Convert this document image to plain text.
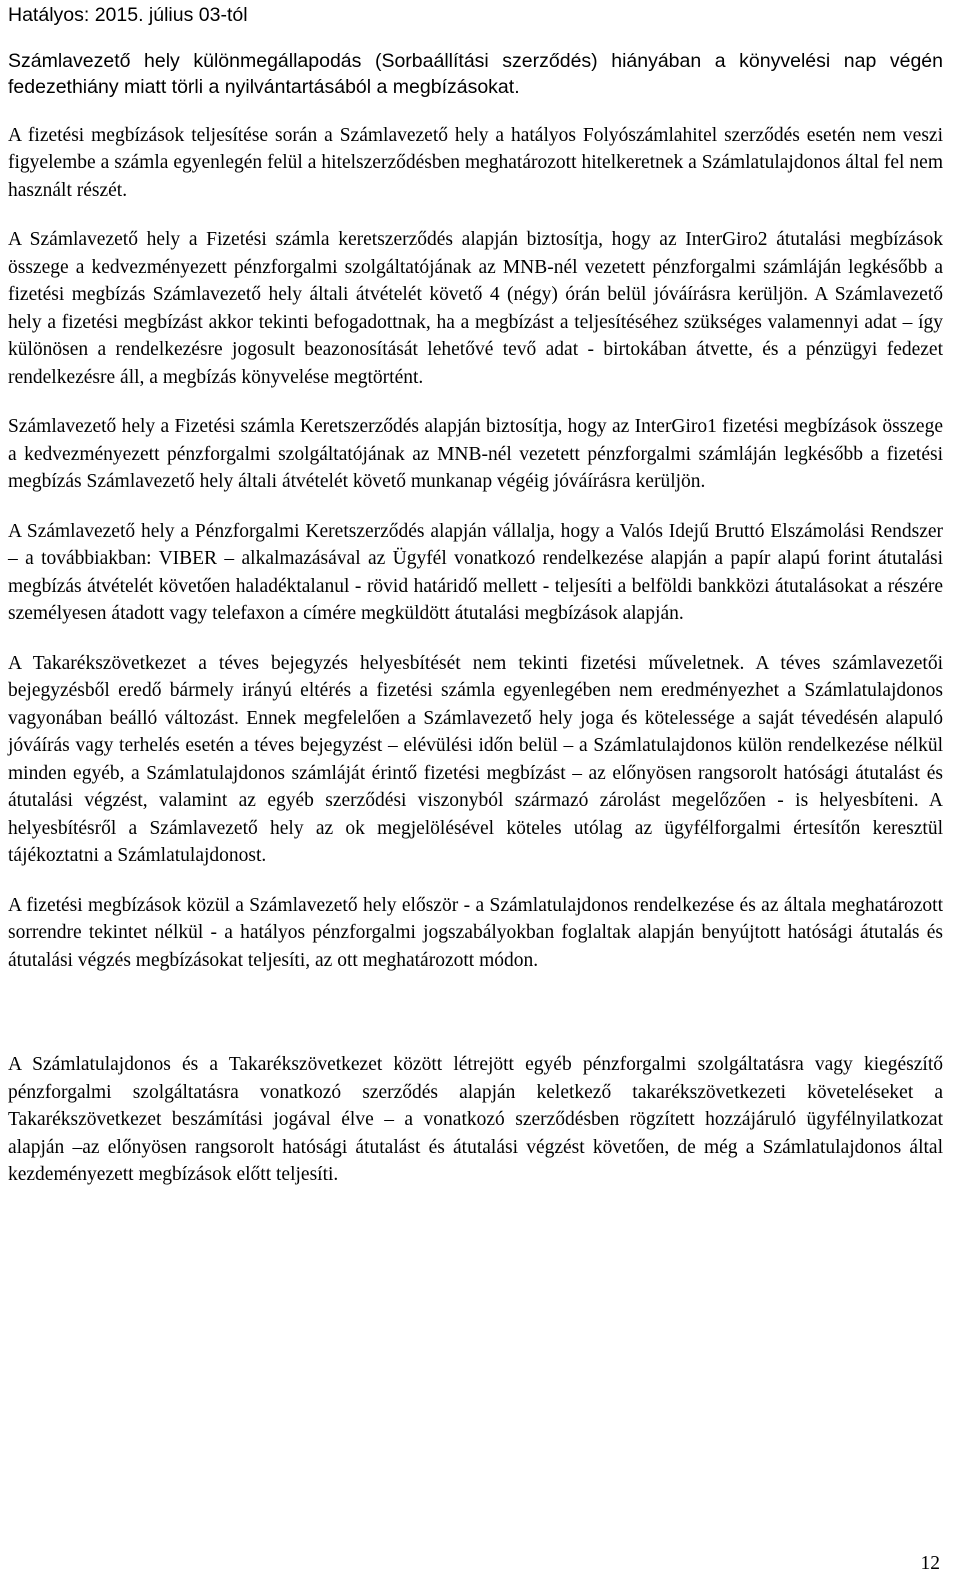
Hatályos: 2015. július 03-tól

Számlavezető hely különmegállapodás (Sorbaállítási szerződés) hiányában a könyvelési nap végén fedezethiány miatt törli a nyilvántartásából a megbízásokat.

A fizetési megbízások teljesítése során a Számlavezető hely a hatályos Folyószámlahitel szerződés esetén nem veszi figyelembe a számla egyenlegén felül a hitelszerződésben meghatározott hitelkeretnek a Számlatulajdonos által fel nem használt részét.

A Számlavezető hely a Fizetési számla keretszerződés alapján biztosítja, hogy az InterGiro2 átutalási megbízások összege a kedvezményezett pénzforgalmi szolgáltatójának az MNB-nél vezetett pénzforgalmi számláján legkésőbb a fizetési megbízás Számlavezető hely általi átvételét követő 4 (négy) órán belül jóváírásra kerüljön. A Számlavezető hely a fizetési megbízást akkor tekinti befogadottnak, ha a megbízást a teljesítéséhez szükséges valamennyi adat – így különösen a rendelkezésre jogosult beazonosítását lehetővé tevő adat - birtokában átvette, és a pénzügyi fedezet rendelkezésre áll, a megbízás könyvelése megtörtént.

Számlavezető hely a Fizetési számla Keretszerződés alapján biztosítja, hogy az InterGiro1 fizetési megbízások összege a kedvezményezett pénzforgalmi szolgáltatójának az MNB-nél vezetett pénzforgalmi számláján legkésőbb a fizetési megbízás Számlavezető hely általi átvételét követő munkanap végéig jóváírásra kerüljön.

A Számlavezető hely a Pénzforgalmi Keretszerződés alapján vállalja, hogy a Valós Idejű Bruttó Elszámolási Rendszer – a továbbiakban: VIBER – alkalmazásával az Ügyfél vonatkozó rendelkezése alapján a papír alapú forint átutalási megbízás átvételét követően haladéktalanul - rövid határidő mellett - teljesíti a belföldi bankközi átutalásokat a részére személyesen átadott vagy telefaxon a címére megküldött átutalási megbízások alapján.

A Takarékszövetkezet a téves bejegyzés helyesbítését nem tekinti fizetési műveletnek. A téves számlavezetői bejegyzésből eredő bármely irányú eltérés a fizetési számla egyenlegében nem eredményezhet a Számlatulajdonos vagyonában beálló változást. Ennek megfelelően a Számlavezető hely joga és kötelessége a saját tévedésén alapuló jóváírás vagy terhelés esetén a téves bejegyzést – elévülési időn belül – a Számlatulajdonos külön rendelkezése nélkül minden egyéb, a Számlatulajdonos számláját érintő fizetési megbízást – az előnyösen rangsorolt hatósági átutalást és átutalási végzést, valamint az egyéb szerződési viszonyból származó zárolást megelőzően - is helyesbíteni. A helyesbítésről a Számlavezető hely az ok megjelölésével köteles utólag az ügyfélforgalmi értesítőn keresztül tájékoztatni a Számlatulajdonost.

A fizetési megbízások közül a Számlavezető hely először - a Számlatulajdonos rendelkezése és az általa meghatározott sorrendre tekintet nélkül - a hatályos pénzforgalmi jogszabályokban foglaltak alapján benyújtott hatósági átutalás és átutalási végzés megbízásokat teljesíti, az ott meghatározott módon.

A Számlatulajdonos és a Takarékszövetkezet között létrejött egyéb pénzforgalmi szolgáltatásra vagy kiegészítő pénzforgalmi szolgáltatásra vonatkozó szerződés alapján keletkező takarékszövetkezeti követeléseket a Takarékszövetkezet beszámítási jogával élve – a vonatkozó szerződésben rögzített hozzájáruló ügyfélnyilatkozat alapján –az előnyösen rangsorolt hatósági átutalást és átutalási végzést követően, de még a Számlatulajdonos által kezdeményezett megbízások előtt teljesíti.

12
